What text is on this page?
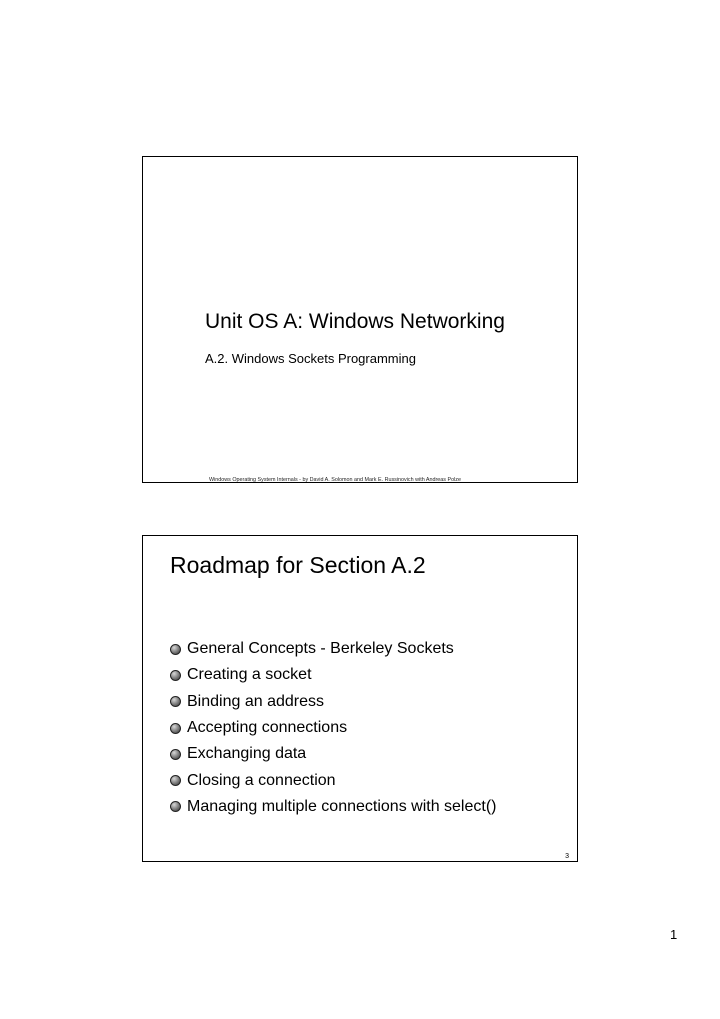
Unit OS A: Windows Networking
A.2. Windows Sockets Programming
Windows Operating System Internals - by David A. Solomon and Mark E. Russinovich with Andreas Polze
Roadmap for Section A.2
General Concepts - Berkeley Sockets
Creating a socket
Binding an address
Accepting connections
Exchanging data
Closing a connection
Managing multiple connections with select()
3
1
